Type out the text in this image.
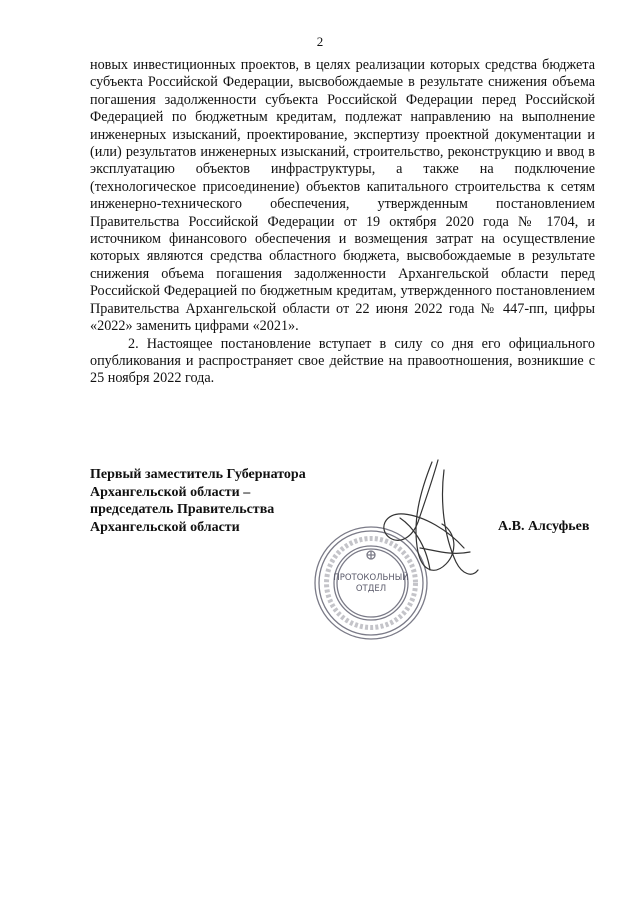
2

новых инвестиционных проектов, в целях реализации которых средства бюджета субъекта Российской Федерации, высвобождаемые в результате снижения объема погашения задолженности субъекта Российской Федерации перед Российской Федерацией по бюджетным кредитам, подлежат направлению на выполнение инженерных изысканий, проектирование, экспертизу проектной документации и (или) результатов инженерных изысканий, строительство, реконструкцию и ввод в эксплуатацию объектов инфраструктуры, а также на подключение (технологическое присоединение) объектов капитального строительства к сетям инженерно-технического обеспечения, утвержденным постановлением Правительства Российской Федерации от 19 октября 2020 года № 1704, и источником финансового обеспечения и возмещения затрат на осуществление которых являются средства областного бюджета, высвобождаемые в результате снижения объема погашения задолженности Архангельской области перед Российской Федерацией по бюджетным кредитам, утвержденного постановлением Правительства Архангельской области от 22 июня 2022 года № 447-пп, цифры «2022» заменить цифрами «2021».

2. Настоящее постановление вступает в силу со дня его официального опубликования и распространяет свое действие на правоотношения, возникшие с 25 ноября 2022 года.

Первый заместитель Губернатора
Архангельской области –
председатель Правительства
Архангельской области	А.В. Алсуфьев
ПРОТОКОЛЬНЫЙ
ОТДЕЛ
